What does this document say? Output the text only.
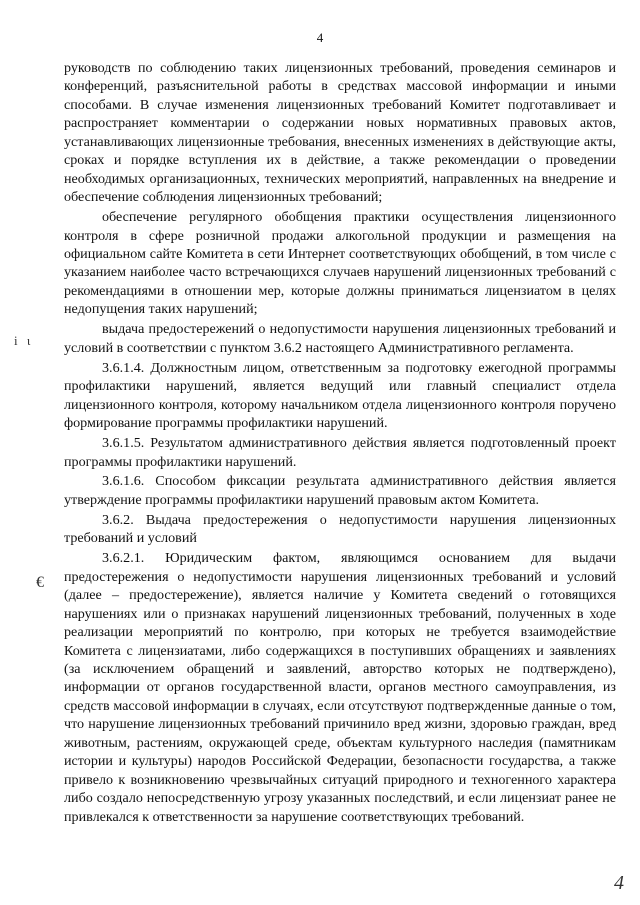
4
і ι
€

руководств по соблюдению таких лицензионных требований, проведения семинаров и конференций, разъяснительной работы в средствах массовой информации и иными способами. В случае изменения лицензионных требований Комитет подготавливает и распространяет комментарии о содержании новых нормативных правовых актов, устанавливающих лицензионные требования, внесенных изменениях в действующие акты, сроках и порядке вступления их в действие, а также рекомендации о проведении необходимых организационных, технических мероприятий, направленных на внедрение и обеспечение соблюдения лицензионных требований;

обеспечение регулярного обобщения практики осуществления лицензионного контроля в сфере розничной продажи алкогольной продукции и размещения на официальном сайте Комитета в сети Интернет соответствующих обобщений, в том числе с указанием наиболее часто встречающихся случаев нарушений лицензионных требований с рекомендациями в отношении мер, которые должны приниматься лицензиатом в целях недопущения таких нарушений;

выдача предостережений о недопустимости нарушения лицензионных требований и условий в соответствии с пунктом 3.6.2 настоящего Административного регламента.

3.6.1.4. Должностным лицом, ответственным за подготовку ежегодной программы профилактики нарушений, является ведущий или главный специалист отдела лицензионного контроля, которому начальником отдела лицензионного контроля поручено формирование программы профилактики нарушений.

3.6.1.5. Результатом административного действия является подготовленный проект программы профилактики нарушений.

3.6.1.6. Способом фиксации результата административного действия является утверждение программы профилактики нарушений правовым актом Комитета.

3.6.2. Выдача предостережения о недопустимости нарушения лицензионных требований и условий

3.6.2.1. Юридическим фактом, являющимся основанием для выдачи предостережения о недопустимости нарушения лицензионных требований и условий (далее – предостережение), является наличие у Комитета сведений о готовящихся нарушениях или о признаках нарушений лицензионных требований, полученных в ходе реализации мероприятий по контролю, при которых не требуется взаимодействие Комитета с лицензиатами, либо содержащихся в поступивших обращениях и заявлениях (за исключением обращений и заявлений, авторство которых не подтверждено), информации от органов государственной власти, органов местного самоуправления, из средств массовой информации в случаях, если отсутствуют подтвержденные данные о том, что нарушение лицензионных требований причинило вред жизни, здоровью граждан, вред животным, растениям, окружающей среде, объектам культурного наследия (памятникам истории и культуры) народов Российской Федерации, безопасности государства, а также привело к возникновению чрезвычайных ситуаций природного и техногенного характера либо создало непосредственную угрозу указанных последствий, и если лицензиат ранее не привлекался к ответственности за нарушение соответствующих требований.

4
